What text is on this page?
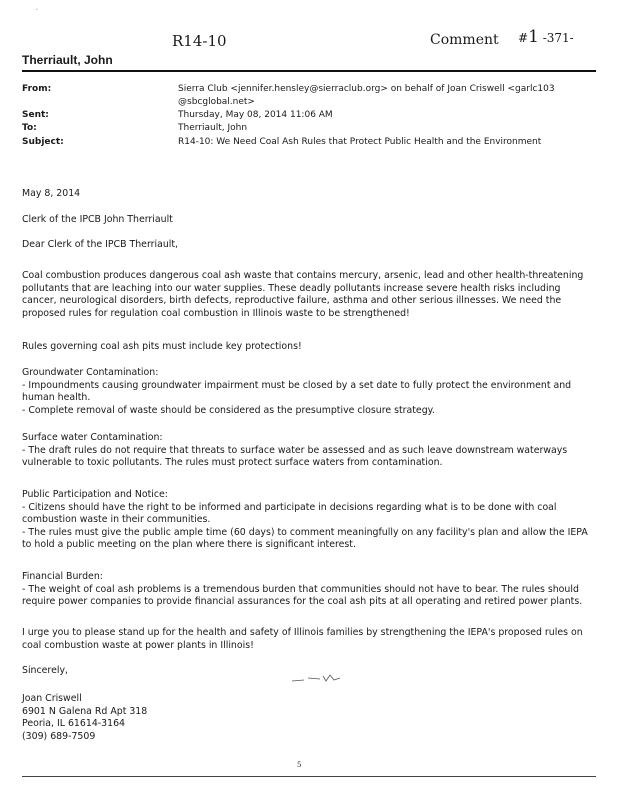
‘
R14-10	Comment #1 -371-
Therriault, John
From:	Sierra Club <jennifer.hensley@sierraclub.org> on behalf of Joan Criswell <garlc103
@sbcglobal.net>
Sent:	Thursday, May 08, 2014 11:06 AM
To:	Therriault, John
Subject:	R14-10: We Need Coal Ash Rules that Protect Public Health and the Environment
May 8, 2014
Clerk of the IPCB John Therriault
Dear Clerk of the IPCB Therriault,
Coal combustion produces dangerous coal ash waste that contains mercury, arsenic, lead and other health-threatening
pollutants that are leaching into our water supplies. These deadly pollutants increase severe health risks including
cancer, neurological disorders, birth defects, reproductive failure, asthma and other serious illnesses. We need the
proposed rules for regulation coal combustion in Illinois waste to be strengthened!
Rules governing coal ash pits must include key protections!
Groundwater Contamination:
- Impoundments causing groundwater impairment must be closed by a set date to fully protect the environment and
human health.
- Complete removal of waste should be considered as the presumptive closure strategy.
Surface water Contamination:
- The draft rules do not require that threats to surface water be assessed and as such leave downstream waterways
vulnerable to toxic pollutants. The rules must protect surface waters from contamination.
Public Participation and Notice:
- Citizens should have the right to be informed and participate in decisions regarding what is to be done with coal
combustion waste in their communities.
- The rules must give the public ample time (60 days) to comment meaningfully on any facility's plan and allow the IEPA
to hold a public meeting on the plan where there is significant interest.
Financial Burden:
- The weight of coal ash problems is a tremendous burden that communities should not have to bear. The rules should
require power companies to provide financial assurances for the coal ash pits at all operating and retired power plants.
I urge you to please stand up for the health and safety of Illinois families by strengthening the IEPA's proposed rules on
coal combustion waste at power plants in Illinois!
Sincerely,
Joan Criswell
6901 N Galena Rd Apt 318
Peoria, IL 61614-3164
(309) 689-7509
5
